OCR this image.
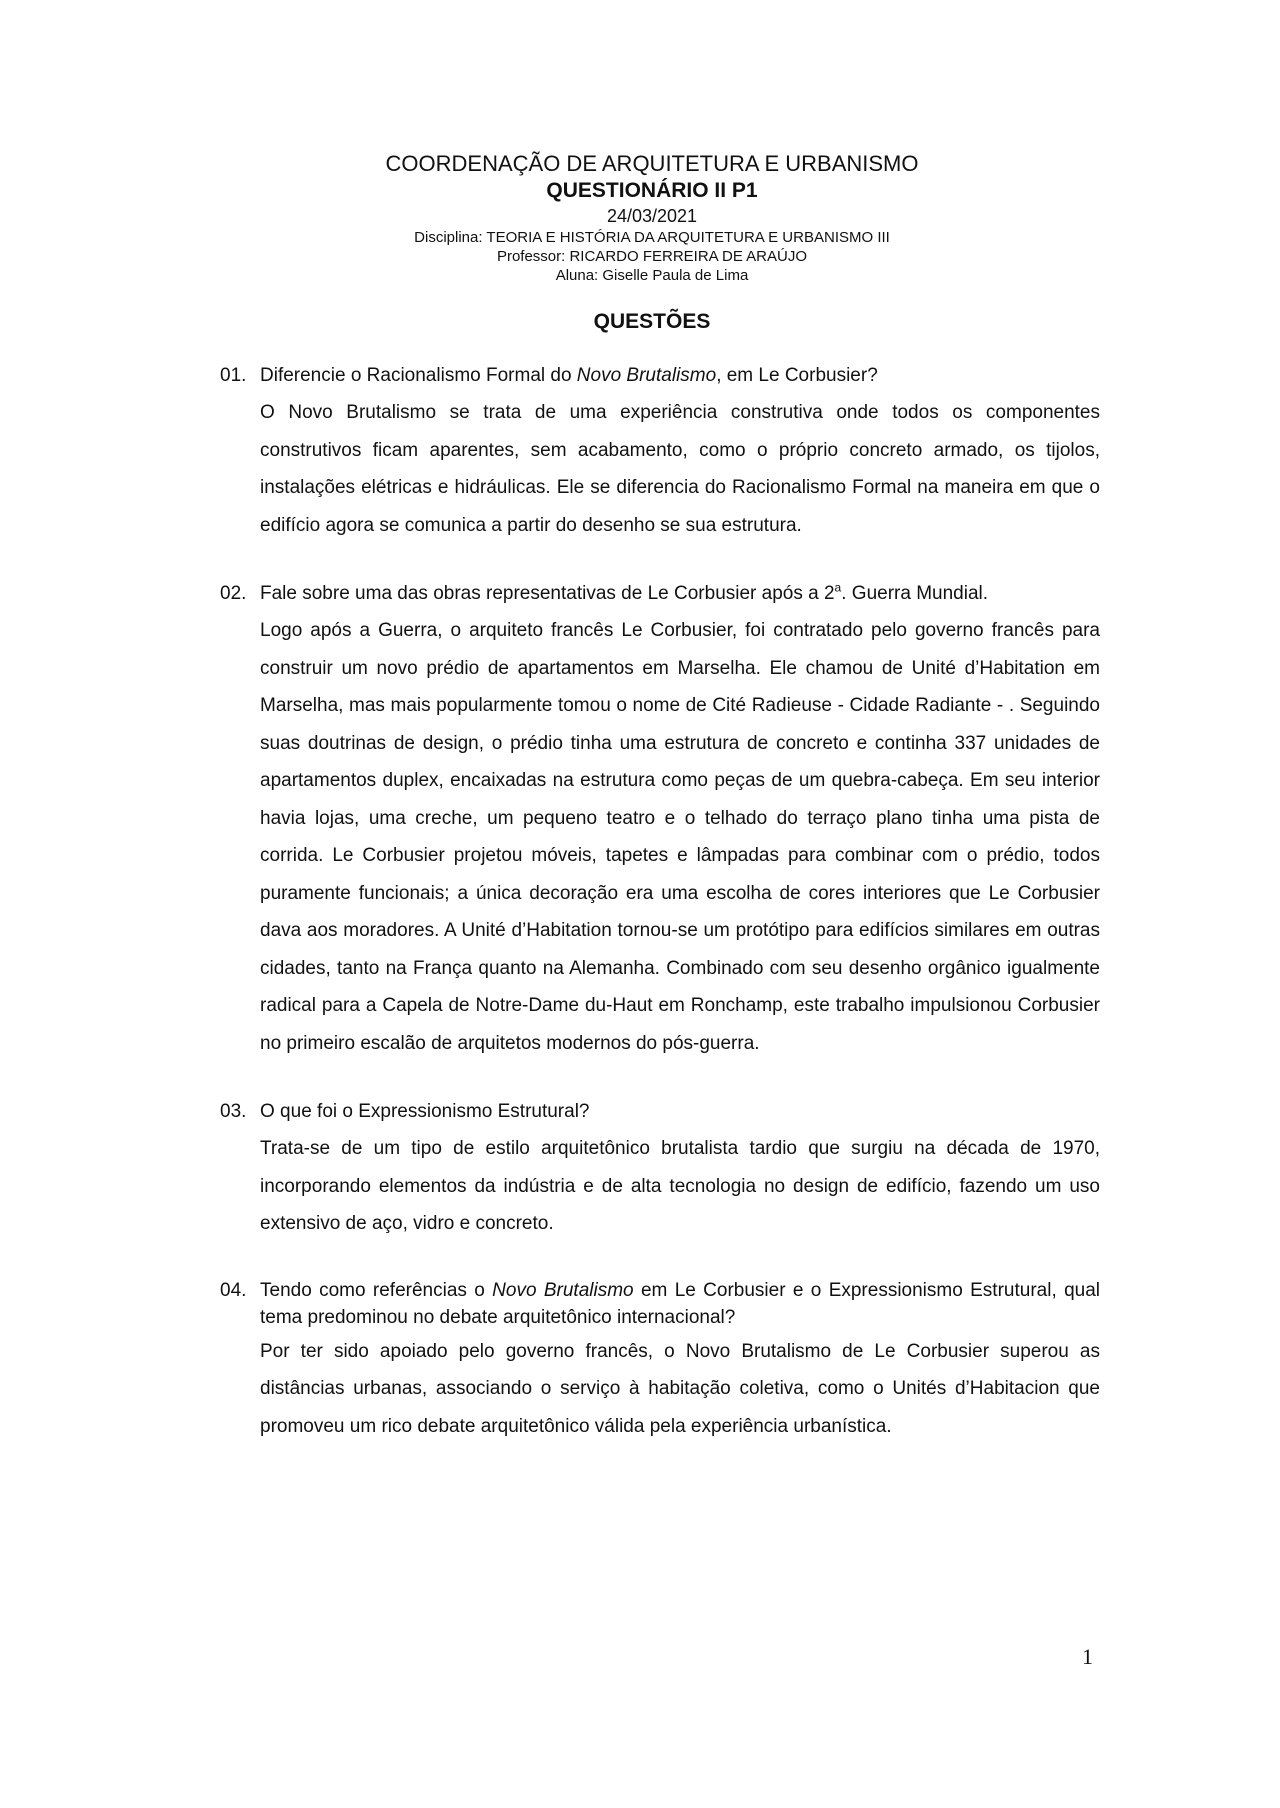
COORDENAÇÃO DE ARQUITETURA E URBANISMO
QUESTIONÁRIO II P1
24/03/2021
Disciplina: TEORIA E HISTÓRIA DA ARQUITETURA E URBANISMO III
Professor: RICARDO FERREIRA DE ARAÚJO
Aluna: Giselle Paula de Lima
QUESTÕES
01. Diferencie o Racionalismo Formal do Novo Brutalismo, em Le Corbusier?
O Novo Brutalismo se trata de uma experiência construtiva onde todos os componentes construtivos ficam aparentes, sem acabamento, como o próprio concreto armado, os tijolos, instalações elétricas e hidráulicas. Ele se diferencia do Racionalismo Formal na maneira em que o edifício agora se comunica a partir do desenho se sua estrutura.
02. Fale sobre uma das obras representativas de Le Corbusier após a 2$^a$. Guerra Mundial.
Logo após a Guerra, o arquiteto francês Le Corbusier, foi contratado pelo governo francês para construir um novo prédio de apartamentos em Marselha. Ele chamou de Unité d’Habitation em Marselha, mas mais popularmente tomou o nome de Cité Radieuse - Cidade Radiante - . Seguindo suas doutrinas de design, o prédio tinha uma estrutura de concreto e continha 337 unidades de apartamentos duplex, encaixadas na estrutura como peças de um quebra-cabeça. Em seu interior havia lojas, uma creche, um pequeno teatro e o telhado do terraço plano tinha uma pista de corrida. Le Corbusier projetou móveis, tapetes e lâmpadas para combinar com o prédio, todos puramente funcionais; a única decoração era uma escolha de cores interiores que Le Corbusier dava aos moradores. A Unité d’Habitation tornou-se um protótipo para edifícios similares em outras cidades, tanto na França quanto na Alemanha. Combinado com seu desenho orgânico igualmente radical para a Capela de Notre-Dame du-Haut em Ronchamp, este trabalho impulsionou Corbusier no primeiro escalão de arquitetos modernos do pós-guerra.
03. O que foi o Expressionismo Estrutural?
Trata-se de um tipo de estilo arquitetônico brutalista tardio que surgiu na década de 1970, incorporando elementos da indústria e de alta tecnologia no design de edifício, fazendo um uso extensivo de aço, vidro e concreto.
04. Tendo como referências o Novo Brutalismo em Le Corbusier e o Expressionismo Estrutural, qual tema predominou no debate arquitetônico internacional?
Por ter sido apoiado pelo governo francês, o Novo Brutalismo de Le Corbusier superou as distâncias urbanas, associando o serviço à habitação coletiva, como o Unités d’Habitacion que promoveu um rico debate arquitetônico válida pela experiência urbanística.
1
